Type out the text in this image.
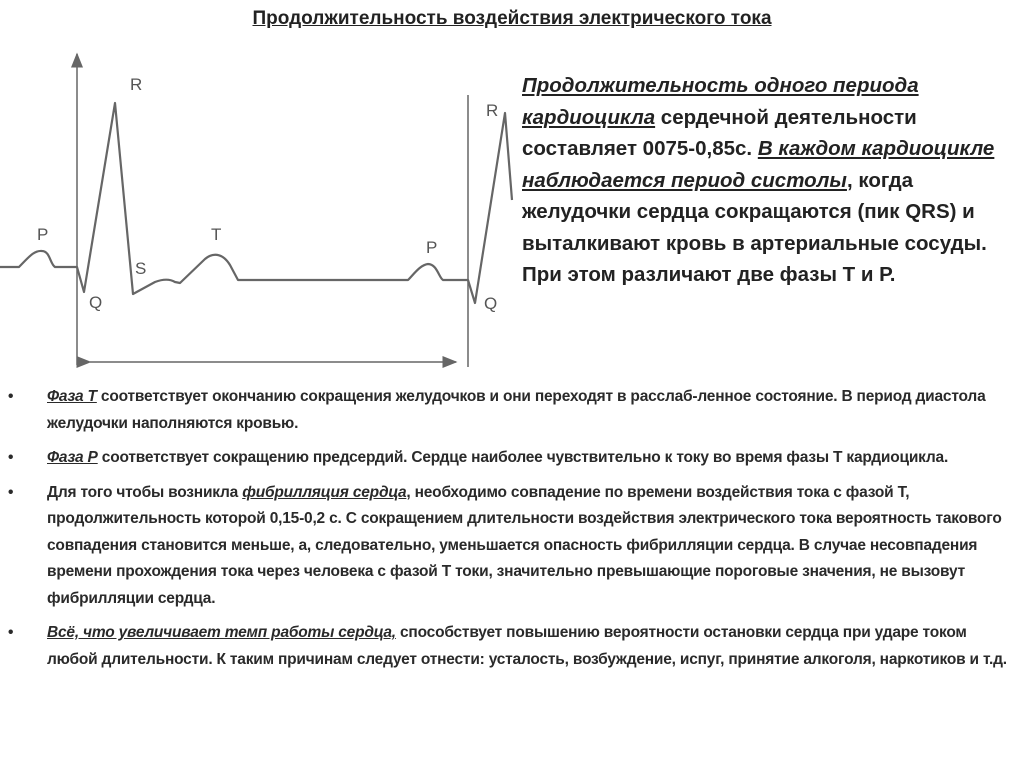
Продолжительность воздействия электрического тока
P
R
Q
S
T
P
R
Q
Продолжительность одного периода кардиоцикла сердечной деятельности составляет 0075-0,85с. В каждом кардиоцикле наблюдается период систолы, когда желудочки сердца сокращаются (пик QRS) и выталкивают кровь в артериальные сосуды. При этом различают две фазы Т и Р.
• Фаза Т соответствует окончанию сокращения желудочков и они переходят в расслаб-ленное состояние. В период диастола желудочки наполняются кровью.
• Фаза Р соответствует сокращению предсердий. Сердце наиболее чувствительно к току во время фазы Т кардиоцикла.
• Для того чтобы возникла фибрилляция сердца, необходимо совпадение по времени воздействия тока с фазой Т, продолжительность которой 0,15-0,2 с. С сокращением длительности воздействия электрического тока вероятность такового совпадения становится меньше, а, следовательно, уменьшается опасность фибрилляции сердца. В случае несовпадения времени прохождения тока через человека с фазой Т токи, значительно превышающие пороговые значения, не вызовут фибрилляции сердца.
• Всё, что увеличивает темп работы сердца, способствует повышению вероятности остановки сердца при ударе током любой длительности. К таким причинам следует отнести: усталость, возбуждение, испуг, принятие алкоголя, наркотиков и т.д.
